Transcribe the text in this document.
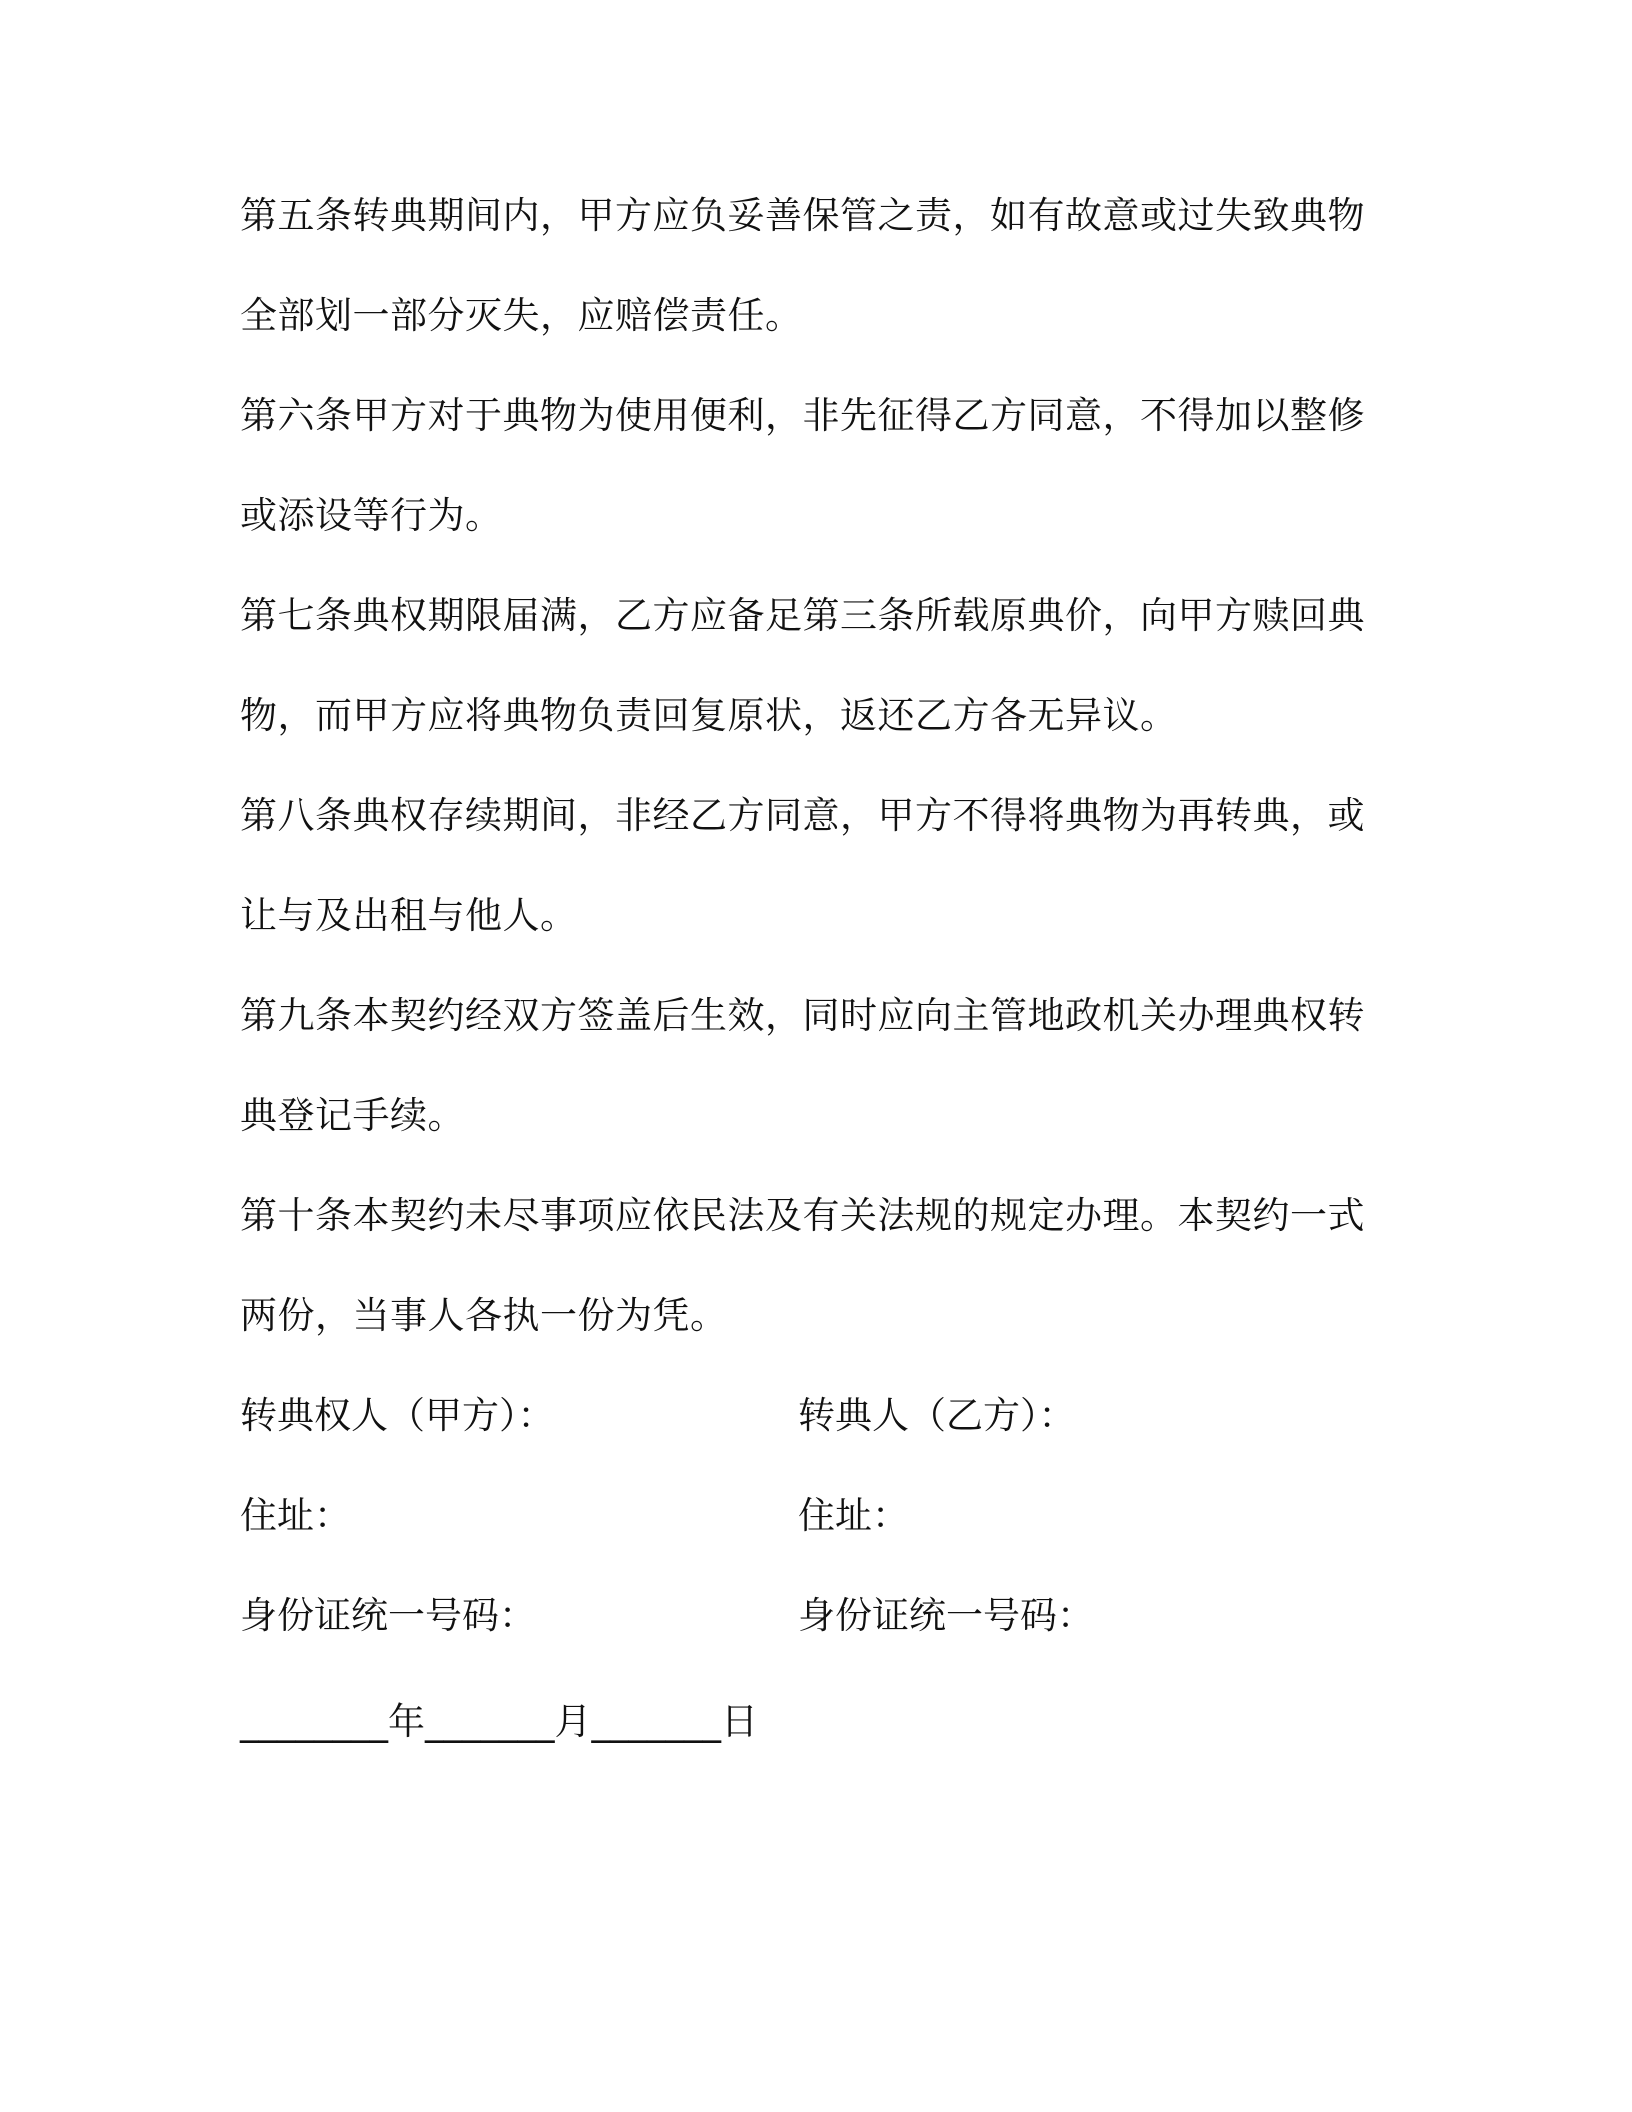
第五条转典期间内，甲方应负妥善保管之责，如有故意或过失致典物
全部划一部分灭失，应赔偿责任。
第六条甲方对于典物为使用便利，非先征得乙方同意，不得加以整修
或添设等行为。
第七条典权期限届满，乙方应备足第三条所载原典价，向甲方赎回典
物，而甲方应将典物负责回复原状，返还乙方各无异议。
第八条典权存续期间，非经乙方同意，甲方不得将典物为再转典，或
让与及出租与他人。
第九条本契约经双方签盖后生效，同时应向主管地政机关办理典权转
典登记手续。
第十条本契约未尽事项应依民法及有关法规的规定办理。本契约一式
两份，当事人各执一份为凭。
转典权人（甲方）：	转典人（乙方）：
住址：	住址：
身份证统一号码：	身份证统一号码：
________年_______月_______日
